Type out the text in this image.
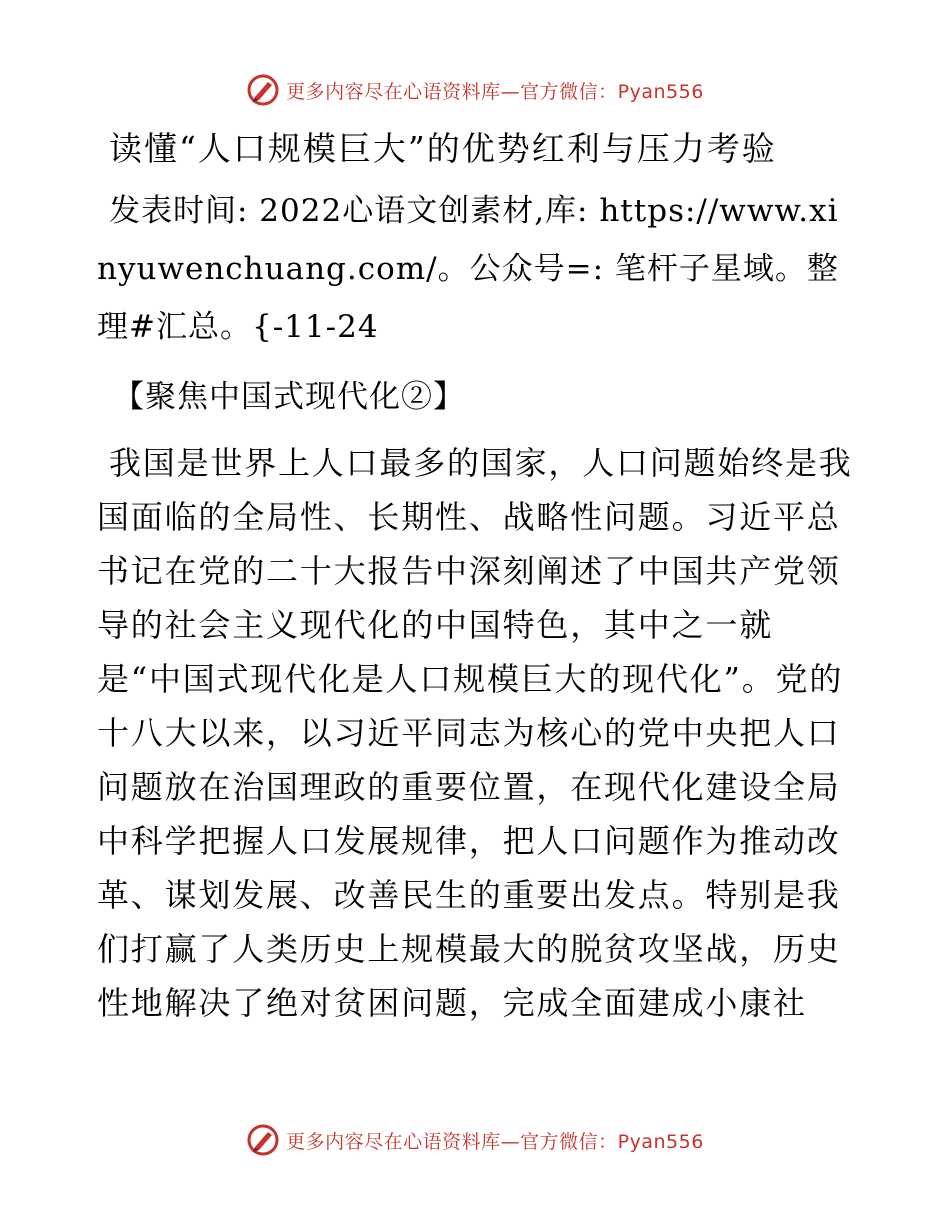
更多内容尽在心语资料库—官方微信：Pyan556
读懂“人口规模巨大”的优势红利与压力考验

发表时间: 2022心语文创素材,库: https://www.xinyuwenchuang.com/。公众号=: 笔杆子星域。整理#汇总。{-11-24

【聚焦中国式现代化②】

我国是世界上人口最多的国家，人口问题始终是我国面临的全局性、长期性、战略性问题。习近平总书记在党的二十大报告中深刻阐述了中国共产党领导的社会主义现代化的中国特色，其中之一就是“中国式现代化是人口规模巨大的现代化”。党的十八大以来，以习近平同志为核心的党中央把人口问题放在治国理政的重要位置，在现代化建设全局中科学把握人口发展规律，把人口问题作为推动改革、谋划发展、改善民生的重要出发点。特别是我们打赢了人类历史上规模最大的脱贫攻坚战，历史性地解决了绝对贫困问题，完成全面建成小康社

更多内容尽在心语资料库—官方微信：Pyan556
